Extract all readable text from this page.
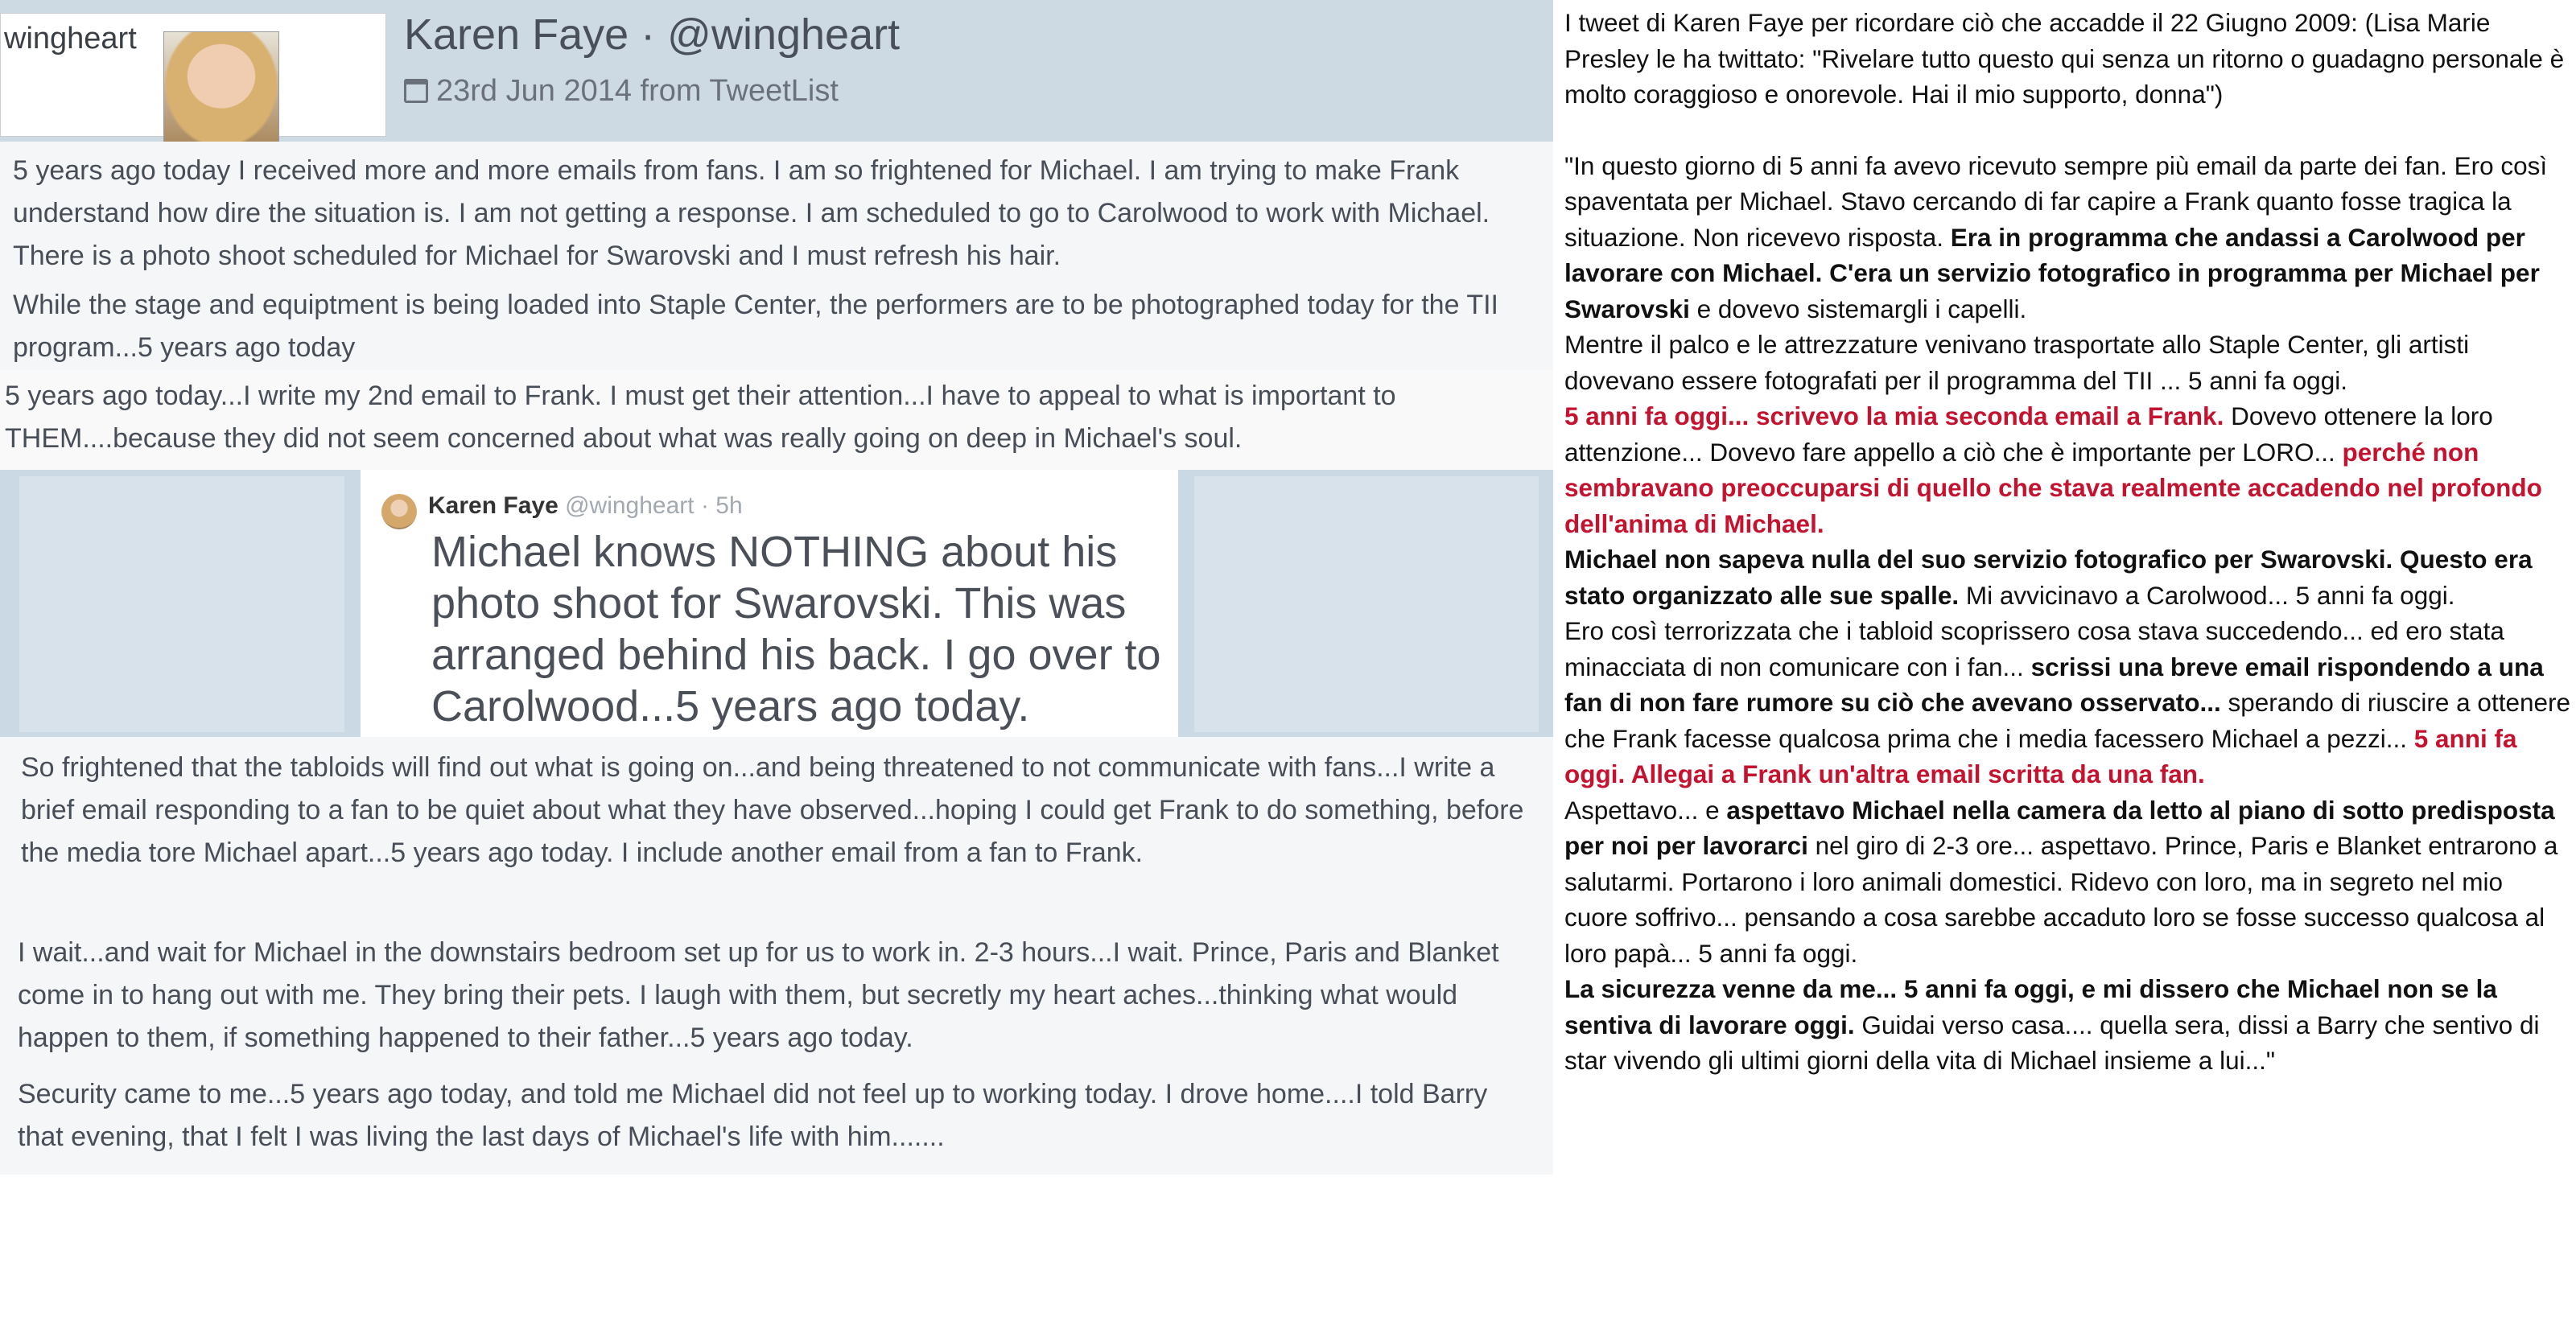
wingheart	Karen Faye · @wingheart
23rd Jun 2014 from TweetList

5 years ago today I received more and more emails from fans. I am so frightened for Michael. I am trying to make Frank understand how dire the situation is. I am not getting a response. I am scheduled to go to Carolwood to work with Michael. There is a photo shoot scheduled for Michael for Swarovski and I must refresh his hair.

While the stage and equiptment is being loaded into Staple Center, the performers are to be photographed today for the TII program...5 years ago today

5 years ago today...I write my 2nd email to Frank. I must get their attention...I have to appeal to what is important to THEM....because they did not seem concerned about what was really going on deep in Michael's soul.

Karen Faye @wingheart · 5h
Michael knows NOTHING about his photo shoot for Swarovski. This was arranged behind his back. I go over to Carolwood...5 years ago today.

So frightened that the tabloids will find out what is going on...and being threatened to not communicate with fans...I write a brief email responding to a fan to be quiet about what they have observed...hoping I could get Frank to do something, before the media tore Michael apart...5 years ago today. I include another email from a fan to Frank.

I wait...and wait for Michael in the downstairs bedroom set up for us to work in. 2-3 hours...I wait. Prince, Paris and Blanket come in to hang out with me. They bring their pets. I laugh with them, but secretly my heart aches...thinking what would happen to them, if something happened to their father...5 years ago today.

Security came to me...5 years ago today, and told me Michael did not feel up to working today. I drove home....I told Barry that evening, that I felt I was living the last days of Michael's life with him.......

I tweet di Karen Faye per ricordare ciò che accadde il 22 Giugno 2009: (Lisa Marie Presley le ha twittato: "Rivelare tutto questo qui senza un ritorno o guadagno personale è molto coraggioso e onorevole. Hai il mio supporto, donna")

"In questo giorno di 5 anni fa avevo ricevuto sempre più email da parte dei fan. Ero così spaventata per Michael. Stavo cercando di far capire a Frank quanto fosse tragica la situazione. Non ricevevo risposta. Era in programma che andassi a Carolwood per lavorare con Michael. C'era un servizio fotografico in programma per Michael per Swarovski e dovevo sistemargli i capelli.

Mentre il palco e le attrezzature venivano trasportate allo Staple Center, gli artisti dovevano essere fotografati per il programma del TII ... 5 anni fa oggi.

5 anni fa oggi... scrivevo la mia seconda email a Frank. Dovevo ottenere la loro attenzione... Dovevo fare appello a ciò che è importante per LORO... perché non sembravano preoccuparsi di quello che stava realmente accadendo nel profondo dell'anima di Michael.

Michael non sapeva nulla del suo servizio fotografico per Swarovski. Questo era stato organizzato alle sue spalle. Mi avvicinavo a Carolwood... 5 anni fa oggi.

Ero così terrorizzata che i tabloid scoprissero cosa stava succedendo... ed ero stata minacciata di non comunicare con i fan... scrissi una breve email rispondendo a una fan di non fare rumore su ciò che avevano osservato... sperando di riuscire a ottenere che Frank facesse qualcosa prima che i media facessero Michael a pezzi... 5 anni fa oggi. Allegai a Frank un'altra email scritta da una fan.

Aspettavo... e aspettavo Michael nella camera da letto al piano di sotto predisposta per noi per lavorarci nel giro di 2-3 ore... aspettavo. Prince, Paris e Blanket entrarono a salutarmi. Portarono i loro animali domestici. Ridevo con loro, ma in segreto nel mio cuore soffrivo... pensando a cosa sarebbe accaduto loro se fosse successo qualcosa al loro papà... 5 anni fa oggi.

La sicurezza venne da me... 5 anni fa oggi, e mi dissero che Michael non se la sentiva di lavorare oggi. Guidai verso casa.... quella sera, dissi a Barry che sentivo di star vivendo gli ultimi giorni della vita di Michael insieme a lui..."
